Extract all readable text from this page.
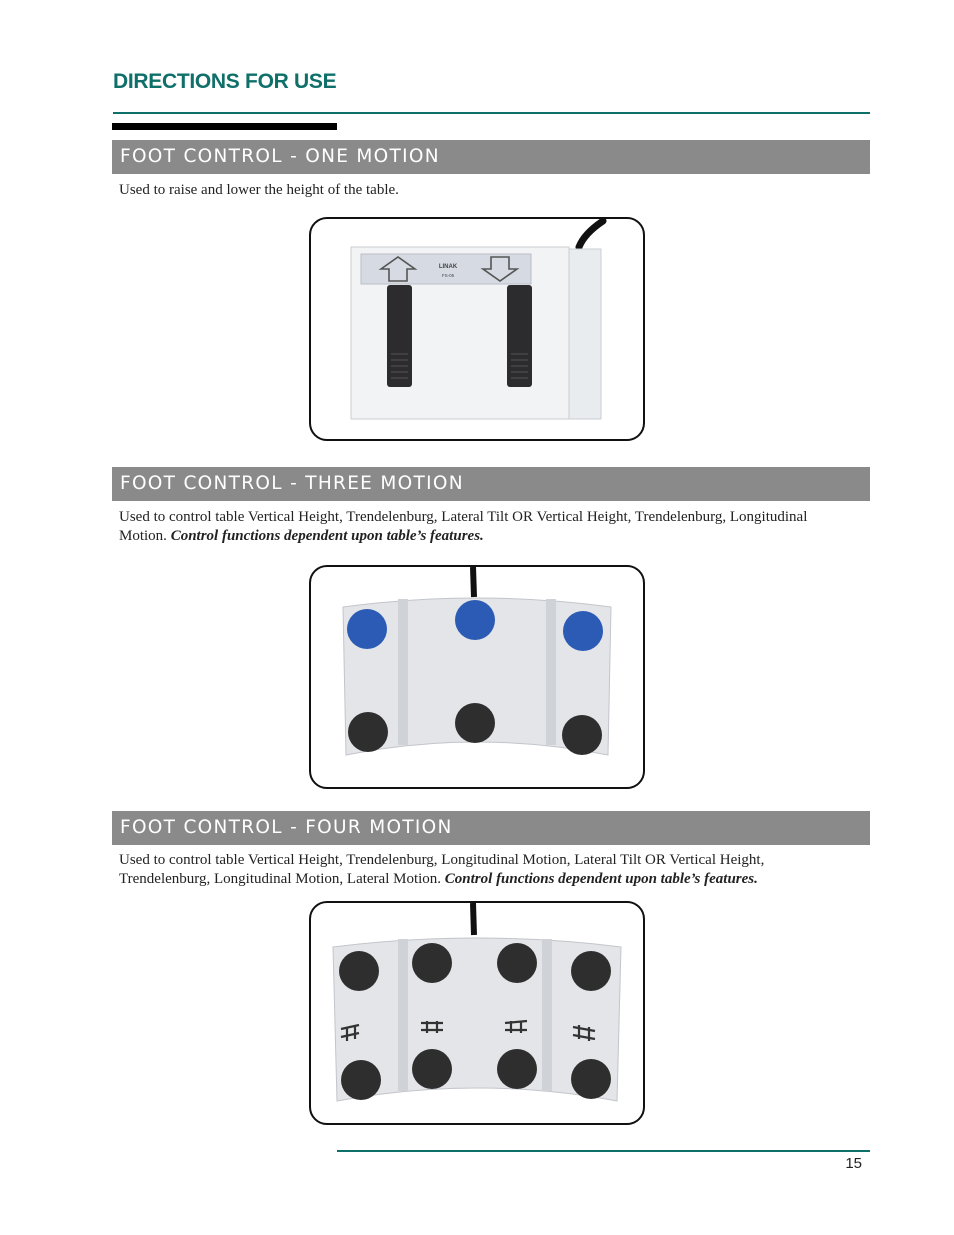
DIRECTIONS FOR USE
FOOT CONTROL - ONE MOTION
Used to raise and lower the height of the table.
LINAK
FS-05
FOOT CONTROL - THREE MOTION
Used to control table Vertical Height, Trendelenburg, Lateral Tilt OR Vertical Height, Trendelenburg, Longitudinal Motion. Control functions dependent upon table’s features.
FOOT CONTROL - FOUR MOTION
Used to control table Vertical Height, Trendelenburg, Longitudinal Motion, Lateral Tilt OR Vertical Height, Trendelenburg, Longitudinal Motion, Lateral Motion. Control functions dependent upon table’s features.
15
